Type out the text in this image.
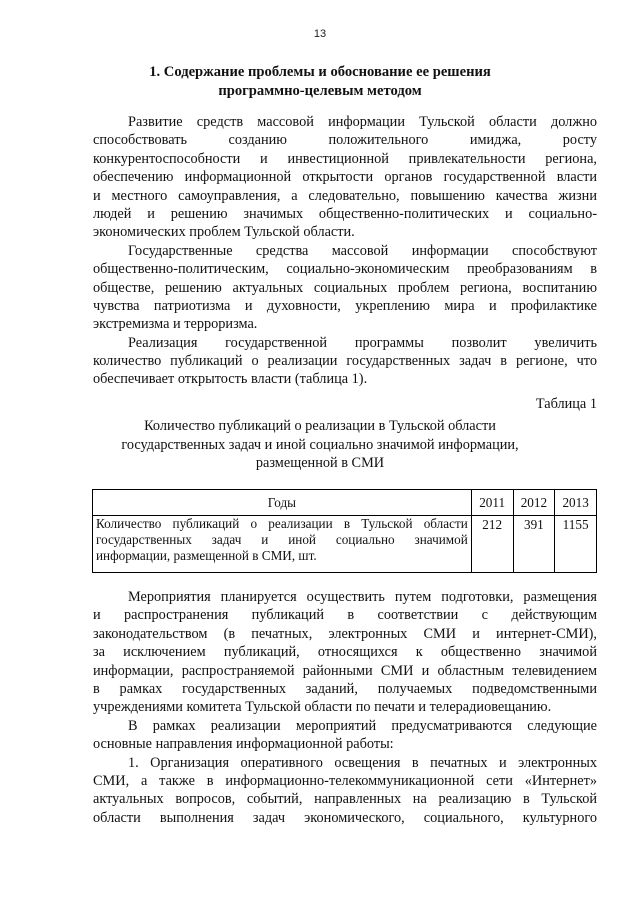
13
1. Содержание проблемы и обоснование ее решения
программно-целевым методом
Развитие средств массовой информации Тульской области должно
способствовать созданию положительного имиджа, росту
конкурентоспособности и инвестиционной привлекательности региона,
обеспечению информационной открытости органов государственной власти
и местного самоуправления, а следовательно, повышению качества жизни
людей и решению значимых общественно-политических и социально-
экономических проблем Тульской области.
Государственные средства массовой информации способствуют
общественно-политическим, социально-экономическим преобразованиям в
обществе, решению актуальных социальных проблем региона, воспитанию
чувства патриотизма и духовности, укреплению мира и профилактике
экстремизма и терроризма.
Реализация государственной программы позволит увеличить
количество публикаций о реализации государственных задач в регионе, что
обеспечивает открытость власти (таблица 1).
Таблица 1
Количество публикаций о реализации в Тульской области
государственных задач и иной социально значимой информации,
размещенной в СМИ
Годы	2011	2012	2013

Количество публикаций о реализации в Тульской области
государственных задач и иной социально значимой
информации, размещенной в СМИ, шт.	212	391	1155
Мероприятия планируется осуществить путем подготовки, размещения
и распространения публикаций в соответствии с действующим
законодательством (в печатных, электронных СМИ и интернет-СМИ),
за исключением публикаций, относящихся к общественно значимой
информации, распространяемой районными СМИ и областным телевидением
в рамках государственных заданий, получаемых подведомственными
учреждениями комитета Тульской области по печати и телерадиовещанию.
В рамках реализации мероприятий предусматриваются следующие
основные направления информационной работы:
1. Организация оперативного освещения в печатных и электронных
СМИ, а также в информационно-телекоммуникационной сети «Интернет»
актуальных вопросов, событий, направленных на реализацию в Тульской
области выполнения задач экономического, социального, культурного
